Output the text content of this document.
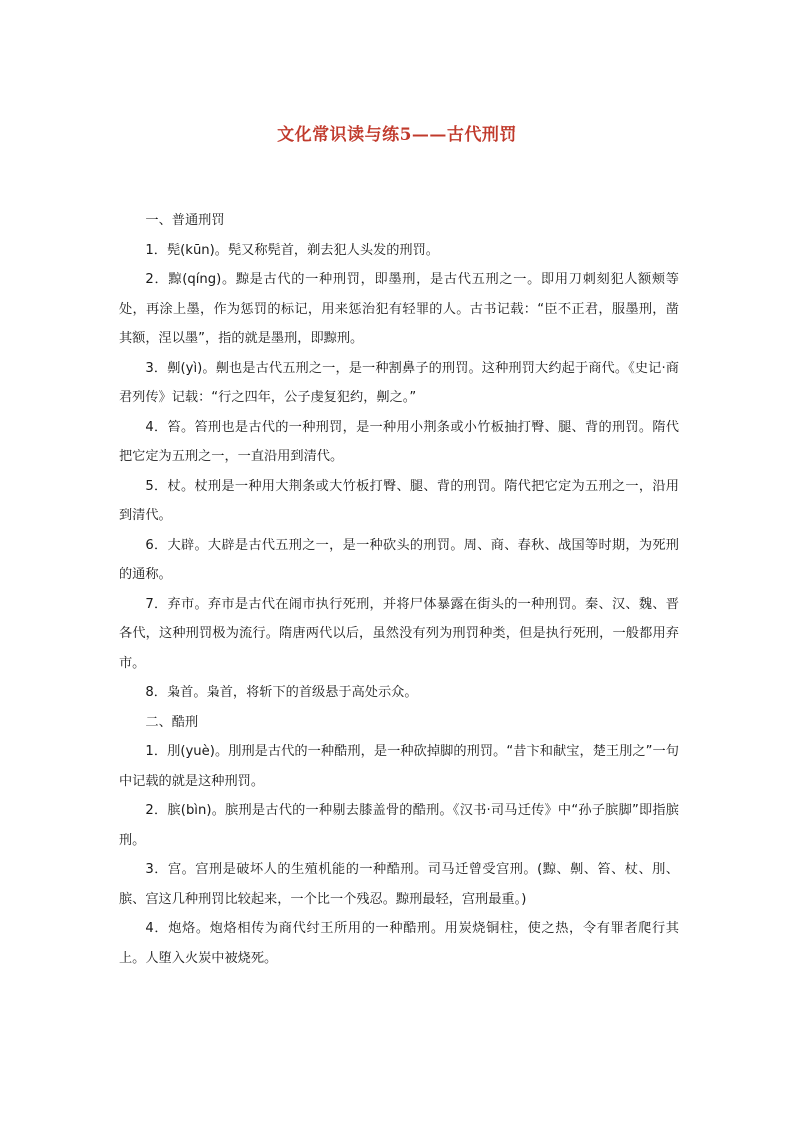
文化常识读与练5——古代刑罚

一、普通刑罚

1．髡(kūn)。髡又称髡首，剃去犯人头发的刑罚。

2．黥(qíng)。黥是古代的一种刑罚，即墨刑，是古代五刑之一。即用刀刺刻犯人额颊等处，再涂上墨，作为惩罚的标记，用来惩治犯有轻罪的人。古书记载：“臣不正君，服墨刑，凿其额，涅以墨”，指的就是墨刑，即黥刑。

3．劓(yì)。劓也是古代五刑之一，是一种割鼻子的刑罚。这种刑罚大约起于商代。《史记·商君列传》记载：“行之四年，公子虔复犯约，劓之。”

4．笞。笞刑也是古代的一种刑罚，是一种用小荆条或小竹板抽打臀、腿、背的刑罚。隋代把它定为五刑之一，一直沿用到清代。

5．杖。杖刑是一种用大荆条或大竹板打臀、腿、背的刑罚。隋代把它定为五刑之一，沿用到清代。

6．大辟。大辟是古代五刑之一，是一种砍头的刑罚。周、商、春秋、战国等时期，为死刑的通称。

7．弃市。弃市是古代在闹市执行死刑，并将尸体暴露在街头的一种刑罚。秦、汉、魏、晋各代，这种刑罚极为流行。隋唐两代以后，虽然没有列为刑罚种类，但是执行死刑，一般都用弃市。

8．枭首。枭首，将斩下的首级悬于高处示众。

二、酷刑

1．刖(yuè)。刖刑是古代的一种酷刑，是一种砍掉脚的刑罚。“昔卞和献宝，楚王刖之”一句中记载的就是这种刑罚。

2．膑(bìn)。膑刑是古代的一种剔去膝盖骨的酷刑。《汉书·司马迁传》中“孙子膑脚”即指膑刑。

3．宫。宫刑是破坏人的生殖机能的一种酷刑。司马迁曾受宫刑。(黥、劓、笞、杖、刖、膑、宫这几种刑罚比较起来，一个比一个残忍。黥刑最轻，宫刑最重。)

4．炮烙。炮烙相传为商代纣王所用的一种酷刑。用炭烧铜柱，使之热，令有罪者爬行其上。人堕入火炭中被烧死。
